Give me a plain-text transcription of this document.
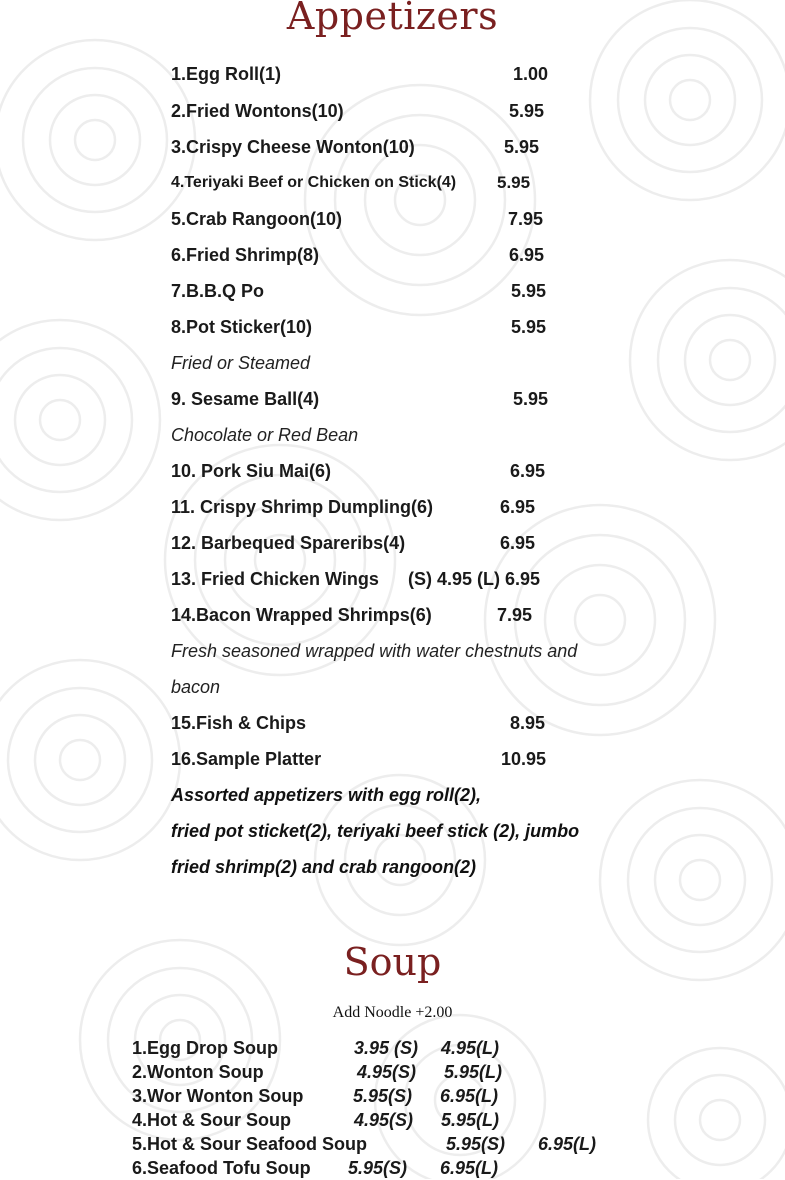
Appetizers
1.Egg Roll(1)	1.00
2.Fried Wontons(10)	5.95
3.Crispy Cheese Wonton(10)	5.95
4.Teriyaki Beef or Chicken on Stick(4) 5.95
5.Crab Rangoon(10)	7.95
6.Fried Shrimp(8)	6.95
7.B.B.Q Po	5.95
8.Pot Sticker(10)	5.95
Fried or Steamed
9. Sesame Ball(4)	5.95
Chocolate or Red Bean
10. Pork Siu Mai(6)	6.95
11. Crispy Shrimp Dumpling(6)	6.95
12. Barbequed Spareribs(4)	6.95
13. Fried Chicken Wings (S) 4.95 (L) 6.95
14.Bacon Wrapped Shrimps(6)	7.95
Fresh seasoned wrapped with water chestnuts and
bacon
15.Fish & Chips	8.95
16.Sample Platter	10.95
Assorted appetizers with egg roll(2),
fried pot sticket(2), teriyaki beef stick (2), jumbo
fried shrimp(2) and crab rangoon(2)
Soup
Add Noodle +2.00
1.Egg Drop Soup	3.95 (S) 4.95(L)
2.Wonton Soup	4.95(S) 5.95(L)
3.Wor Wonton Soup	5.95(S) 6.95(L)
4.Hot & Sour Soup	4.95(S) 5.95(L)
5.Hot & Sour Seafood Soup	5.95(S) 6.95(L)
6.Seafood Tofu Soup 5.95(S) 6.95(L)
